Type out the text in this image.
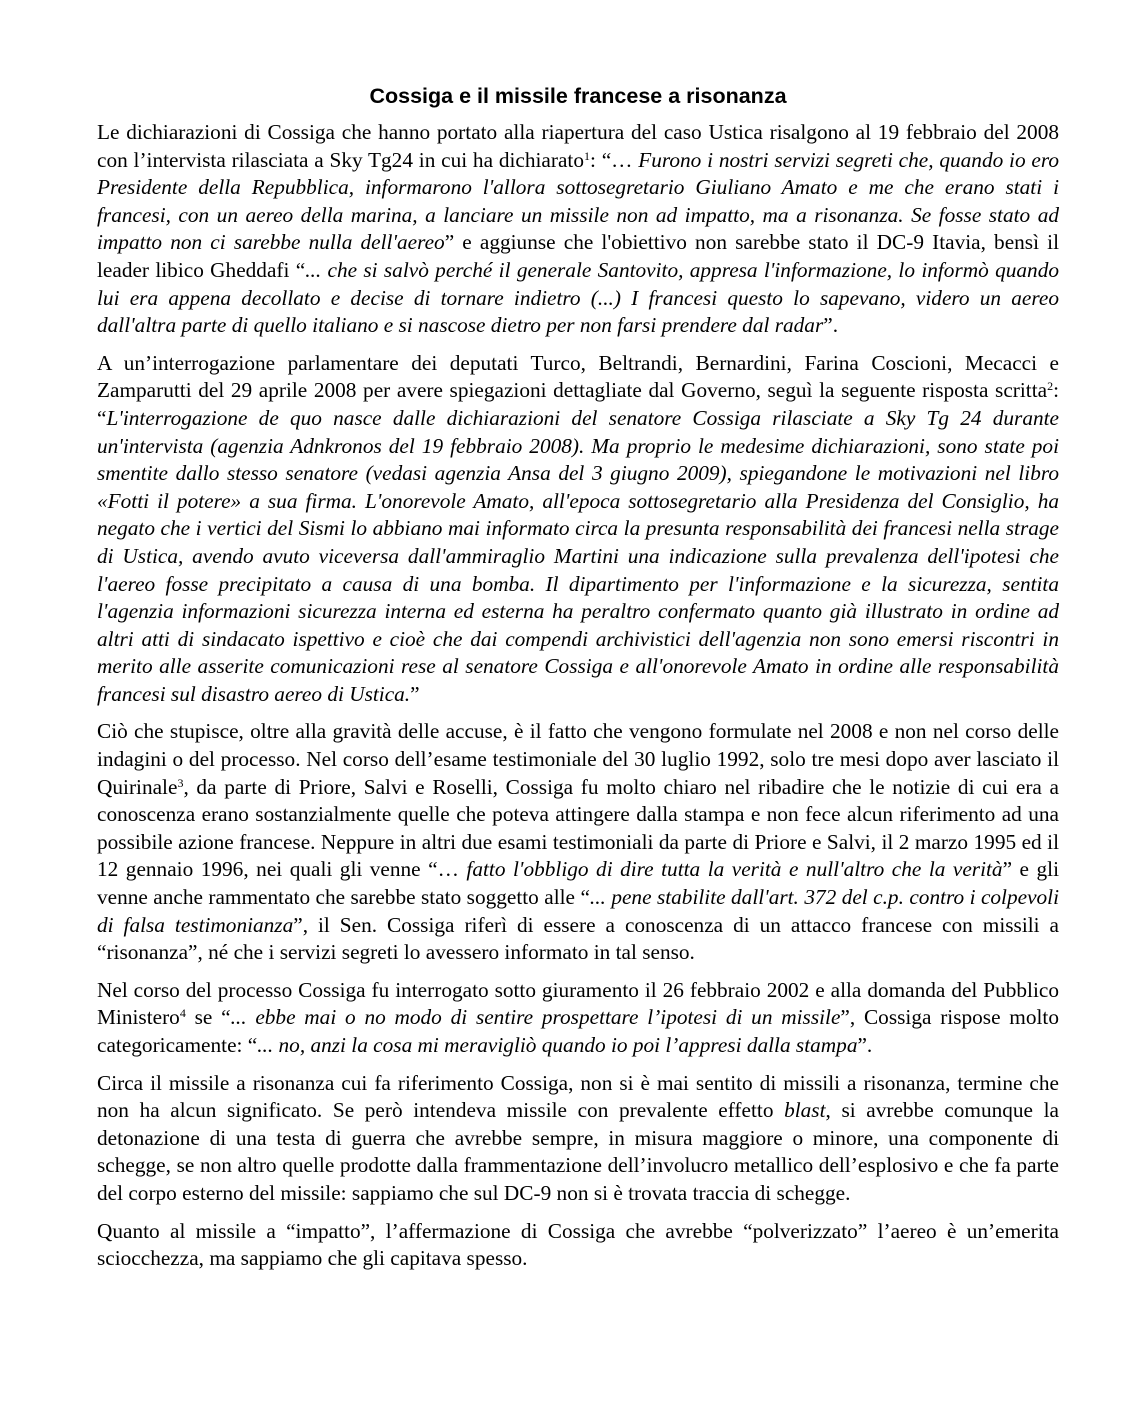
Cossiga e il missile francese a risonanza

Le dichiarazioni di Cossiga che hanno portato alla riapertura del caso Ustica risalgono al 19 febbraio del 2008 con l’intervista rilasciata a Sky Tg24 in cui ha dichiarato$^1$: “… Furono i nostri servizi segreti che, quando io ero Presidente della Repubblica, informarono l'allora sottosegretario Giuliano Amato e me che erano stati i francesi, con un aereo della marina, a lanciare un missile non ad impatto, ma a risonanza. Se fosse stato ad impatto non ci sarebbe nulla dell'aereo” e aggiunse che l'obiettivo non sarebbe stato il DC-9 Itavia, bensì il leader libico Gheddafi “... che si salvò perché il generale Santovito, appresa l'informazione, lo informò quando lui era appena decollato e decise di tornare indietro (...) I francesi questo lo sapevano, videro un aereo dall'altra parte di quello italiano e si nascose dietro per non farsi prendere dal radar”.

A un’interrogazione parlamentare dei deputati Turco, Beltrandi, Bernardini, Farina Coscioni, Mecacci e Zamparutti del 29 aprile 2008 per avere spiegazioni dettagliate dal Governo, seguì la seguente risposta scritta$^2$: “L'interrogazione de quo nasce dalle dichiarazioni del senatore Cossiga rilasciate a Sky Tg 24 durante un'intervista (agenzia Adnkronos del 19 febbraio 2008). Ma proprio le medesime dichiarazioni, sono state poi smentite dallo stesso senatore (vedasi agenzia Ansa del 3 giugno 2009), spiegandone le motivazioni nel libro «Fotti il potere» a sua firma. L'onorevole Amato, all'epoca sottosegretario alla Presidenza del Consiglio, ha negato che i vertici del Sismi lo abbiano mai informato circa la presunta responsabilità dei francesi nella strage di Ustica, avendo avuto viceversa dall'ammiraglio Martini una indicazione sulla prevalenza dell'ipotesi che l'aereo fosse precipitato a causa di una bomba. Il dipartimento per l'informazione e la sicurezza, sentita l'agenzia informazioni sicurezza interna ed esterna ha peraltro confermato quanto già illustrato in ordine ad altri atti di sindacato ispettivo e cioè che dai compendi archivistici dell'agenzia non sono emersi riscontri in merito alle asserite comunicazioni rese al senatore Cossiga e all'onorevole Amato in ordine alle responsabilità francesi sul disastro aereo di Ustica.”

Ciò che stupisce, oltre alla gravità delle accuse, è il fatto che vengono formulate nel 2008 e non nel corso delle indagini o del processo. Nel corso dell’esame testimoniale del 30 luglio 1992, solo tre mesi dopo aver lasciato il Quirinale$^3$, da parte di Priore, Salvi e Roselli, Cossiga fu molto chiaro nel ribadire che le notizie di cui era a conoscenza erano sostanzialmente quelle che poteva attingere dalla stampa e non fece alcun riferimento ad una possibile azione francese. Neppure in altri due esami testimoniali da parte di Priore e Salvi, il 2 marzo 1995 ed il 12 gennaio 1996, nei quali gli venne “… fatto l'obbligo di dire tutta la verità e null'altro che la verità” e gli venne anche rammentato che sarebbe stato soggetto alle “... pene stabilite dall'art. 372 del c.p. contro i colpevoli di falsa testimonianza”, il Sen. Cossiga riferì di essere a conoscenza di un attacco francese con missili a “risonanza”, né che i servizi segreti lo avessero informato in tal senso.

Nel corso del processo Cossiga fu interrogato sotto giuramento il 26 febbraio 2002 e alla domanda del Pubblico Ministero$^4$ se “... ebbe mai o no modo di sentire prospettare l’ipotesi di un missile”, Cossiga rispose molto categoricamente: “... no, anzi la cosa mi meravigliò quando io poi l’appresi dalla stampa”.

Circa il missile a risonanza cui fa riferimento Cossiga, non si è mai sentito di missili a risonanza, termine che non ha alcun significato. Se però intendeva missile con prevalente effetto blast, si avrebbe comunque la detonazione di una testa di guerra che avrebbe sempre, in misura maggiore o minore, una componente di schegge, se non altro quelle prodotte dalla frammentazione dell’involucro metallico dell’esplosivo e che fa parte del corpo esterno del missile: sappiamo che sul DC-9 non si è trovata traccia di schegge.

Quanto al missile a “impatto”, l’affermazione di Cossiga che avrebbe “polverizzato” l’aereo è un’emerita sciocchezza, ma sappiamo che gli capitava spesso.
